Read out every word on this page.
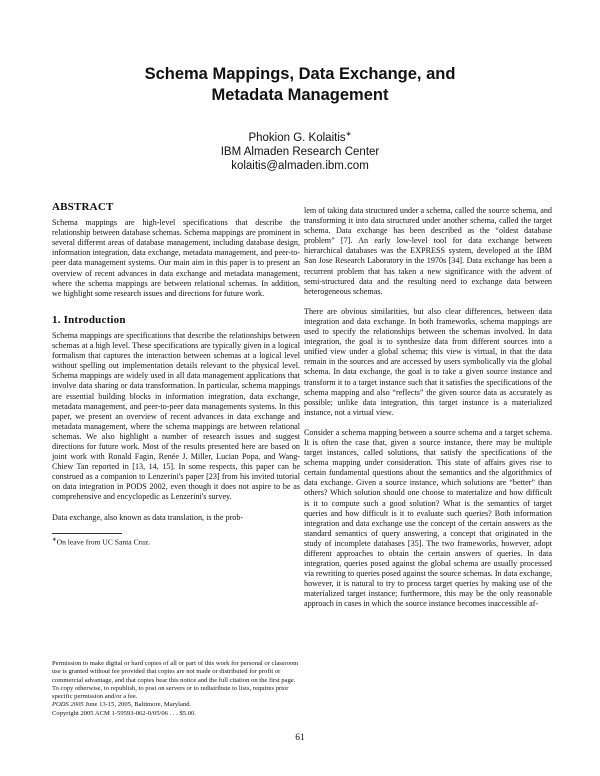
Schema Mappings, Data Exchange, and
Metadata Management
Phokion G. Kolaitis∗
IBM Almaden Research Center
kolaitis@almaden.ibm.com
ABSTRACT

Schema mappings are high-level specifications that describe the relationship between database schemas. Schema mappings are prominent in several different areas of database management, including database design, information integration, data exchange, metadata management, and peer-to-peer data management systems. Our main aim in this paper is to present an overview of recent advances in data exchange and metadata management, where the schema mappings are between relational schemas. In addition, we highlight some research issues and directions for future work.

1. Introduction

Schema mappings are specifications that describe the relationships between schemas at a high level. These specifications are typically given in a logical formalism that captures the interaction between schemas at a logical level without spelling out implementation details relevant to the physical level. Schema mappings are widely used in all data management applications that involve data sharing or data transformation. In particular, schema mappings are essential building blocks in information integration, data exchange, metadata management, and peer-to-peer data managements systems. In this paper, we present an overview of recent advances in data exchange and metadata management, where the schema mappings are between relational schemas. We also highlight a number of research issues and suggest directions for future work. Most of the results presented here are based on joint work with Ronald Fagin, Renée J. Miller, Lucian Popa, and Wang-Chiew Tan reported in [13, 14, 15]. In some respects, this paper can be construed as a companion to Lenzerini's paper [23] from his invited tutorial on data integration in PODS 2002, even though it does not aspire to be as comprehensive and encyclopedic as Lenzerini's survey.

Data exchange, also known as data translation, is the prob-

∗On leave from UC Santa Cruz.

Permission to make digital or hard copies of all or part of this work for personal or classroom use is granted without fee provided that copies are not made or distributed for profit or commercial advantage, and that copies bear this notice and the full citation on the first page. To copy otherwise, to republish, to post on servers or to redistribute to lists, requires prior specific permission and/or a fee.

PODS 2005 June 13-15, 2005, Baltimore, Maryland.

Copyright 2005 ACM 1-59593-062-0/05/06 . . . $5.00.

lem of taking data structured under a schema, called the source schema, and transforming it into data structured under another schema, called the target schema. Data exchange has been described as the “oldest database problem” [7]. An early low-level tool for data exchange between hierarchical databases was the EXPRESS system, developed at the IBM San Jose Research Laboratory in the 1970s [34]. Data exchange has been a recurrent problem that has taken a new significance with the advent of semi-structured data and the resulting need to exchange data between heterogeneous schemas.

There are obvious similarities, but also clear differences, between data integration and data exchange. In both frameworks, schema mappings are used to specify the relationships between the schemas involved. In data integration, the goal is to synthesize data from different sources into a unified view under a global schema; this view is virtual, in that the data remain in the sources and are accessed by users symbolically via the global schema. In data exchange, the goal is to take a given source instance and transform it to a target instance such that it satisfies the specifications of the schema mapping and also “reflects” the given source data as accurately as possible; unlike data integration, this target instance is a materialized instance, not a virtual view.

Consider a schema mapping between a source schema and a target schema. It is often the case that, given a source instance, there may be multiple target instances, called solutions, that satisfy the specifications of the schema mapping under consideration. This state of affairs gives rise to certain fundamental questions about the semantics and the algorithmics of data exchange. Given a source instance, which solutions are “better” than others? Which solution should one choose to materialize and how difficult is it to compute such a good solution? What is the semantics of target queries and how difficult is it to evaluate such queries? Both information integration and data exchange use the concept of the certain answers as the standard semantics of query answering, a concept that originated in the study of incomplete databases [35]. The two frameworks, however, adopt different approaches to obtain the certain answers of queries. In data integration, queries posed against the global schema are usually processed via rewriting to queries posed against the source schemas. In data exchange, however, it is natural to try to process target queries by making use of the materialized target instance; furthermore, this may be the only reasonable approach in cases in which the source instance becomes inaccessible af-

61
